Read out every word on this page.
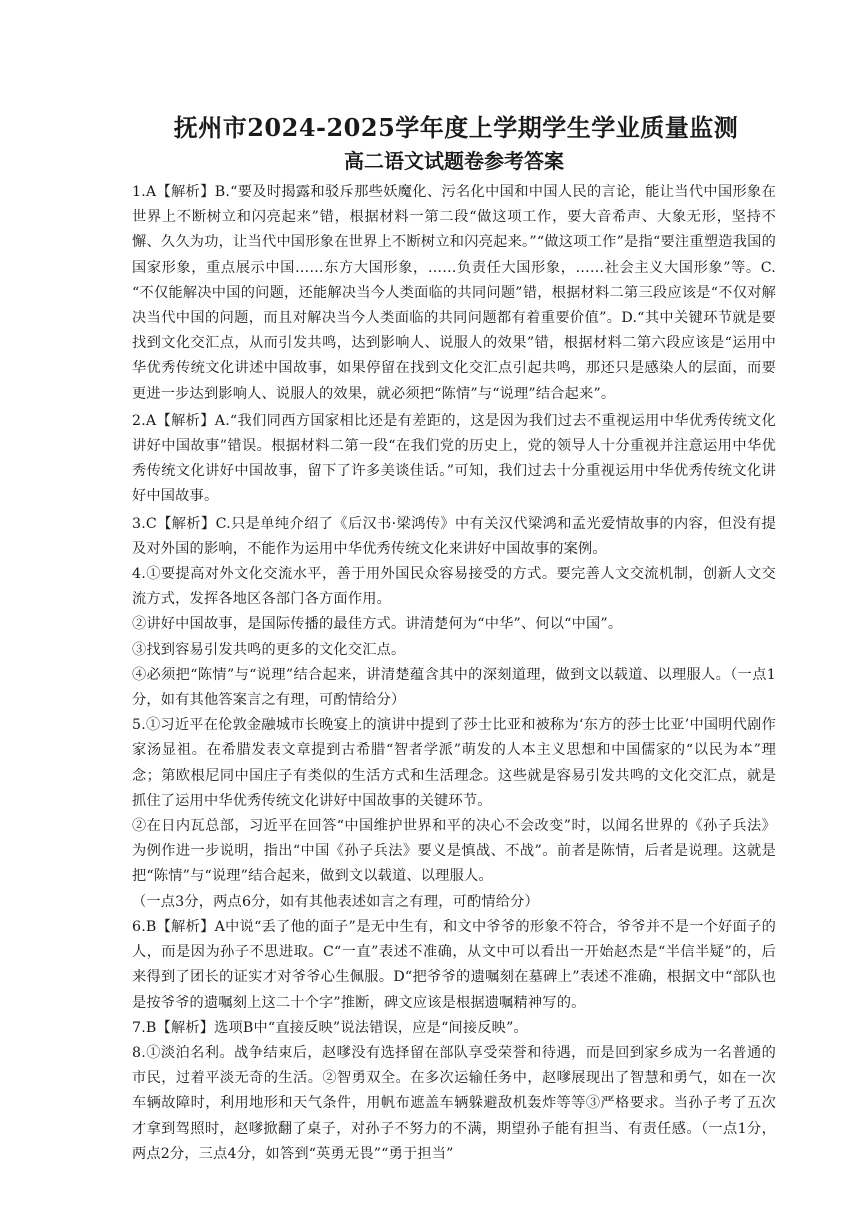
抚州市2024-2025学年度上学期学生学业质量监测
高二语文试题卷参考答案

1.A【解析】B.“要及时揭露和驳斥那些妖魔化、污名化中国和中国人民的言论，能让当代中国形象在世界上不断树立和闪亮起来”错，根据材料一第二段“做这项工作，要大音希声、大象无形，坚持不懈、久久为功，让当代中国形象在世界上不断树立和闪亮起来。”“做这项工作”是指“要注重塑造我国的国家形象，重点展示中国……东方大国形象，……负责任大国形象，……社会主义大国形象”等。C. “不仅能解决中国的问题，还能解决当今人类面临的共同问题”错，根据材料二第三段应该是“不仅对解决当代中国的问题，而且对解决当今人类面临的共同问题都有着重要价值”。D.“其中关键环节就是要找到文化交汇点，从而引发共鸣，达到影响人、说服人的效果”错，根据材料二第六段应该是“运用中华优秀传统文化讲述中国故事，如果停留在找到文化交汇点引起共鸣，那还只是感染人的层面，而要更进一步达到影响人、说服人的效果，就必须把“陈情”与“说理”结合起来”。

2.A【解析】A.“我们同西方国家相比还是有差距的，这是因为我们过去不重视运用中华优秀传统文化讲好中国故事”错误。根据材料二第一段“在我们党的历史上，党的领导人十分重视并注意运用中华优秀传统文化讲好中国故事，留下了许多美谈佳话。”可知，我们过去十分重视运用中华优秀传统文化讲好中国故事。

3.C【解析】C.只是单纯介绍了《后汉书·梁鸿传》中有关汉代梁鸿和孟光爱情故事的内容，但没有提及对外国的影响，不能作为运用中华优秀传统文化来讲好中国故事的案例。

4.①要提高对外文化交流水平，善于用外国民众容易接受的方式。要完善人文交流机制，创新人文交流方式，发挥各地区各部门各方面作用。

②讲好中国故事，是国际传播的最佳方式。讲清楚何为“中华”、何以“中国”。

③找到容易引发共鸣的更多的文化交汇点。

④必须把“陈情”与“说理”结合起来，讲清楚蕴含其中的深刻道理，做到文以载道、以理服人。（一点1分，如有其他答案言之有理，可酌情给分）

5.①习近平在伦敦金融城市长晚宴上的演讲中提到了莎士比亚和被称为‘东方的莎士比亚’中国明代剧作家汤显祖。在希腊发表文章提到古希腊“智者学派”萌发的人本主义思想和中国儒家的“以民为本”理念；第欧根尼同中国庄子有类似的生活方式和生活理念。这些就是容易引发共鸣的文化交汇点，就是抓住了运用中华优秀传统文化讲好中国故事的关键环节。

②在日内瓦总部，习近平在回答“中国维护世界和平的决心不会改变”时，以闻名世界的《孙子兵法》为例作进一步说明，指出“中国《孙子兵法》要义是慎战、不战”。前者是陈情，后者是说理。这就是把“陈情”与“说理”结合起来，做到文以载道、以理服人。

（一点3分，两点6分，如有其他表述如言之有理，可酌情给分）

6.B【解析】A中说“丢了他的面子”是无中生有，和文中爷爷的形象不符合，爷爷并不是一个好面子的人，而是因为孙子不思进取。C“一直”表述不准确，从文中可以看出一开始赵杰是“半信半疑”的，后来得到了团长的证实才对爷爷心生佩服。D“把爷爷的遗嘱刻在墓碑上”表述不准确，根据文中“部队也是按爷爷的遗嘱刻上这二十个字”推断，碑文应该是根据遗嘱精神写的。

7.B【解析】选项B中“直接反映”说法错误，应是“间接反映”。

8.①淡泊名利。战争结束后，赵嗲没有选择留在部队享受荣誉和待遇，而是回到家乡成为一名普通的市民，过着平淡无奇的生活。②智勇双全。在多次运输任务中，赵嗲展现出了智慧和勇气，如在一次车辆故障时，利用地形和天气条件，用帆布遮盖车辆躲避敌机轰炸等等③严格要求。当孙子考了五次才拿到驾照时，赵嗲掀翻了桌子，对孙子不努力的不满，期望孙子能有担当、有责任感。（一点1分，两点2分，三点4分，如答到“英勇无畏”“勇于担当”
